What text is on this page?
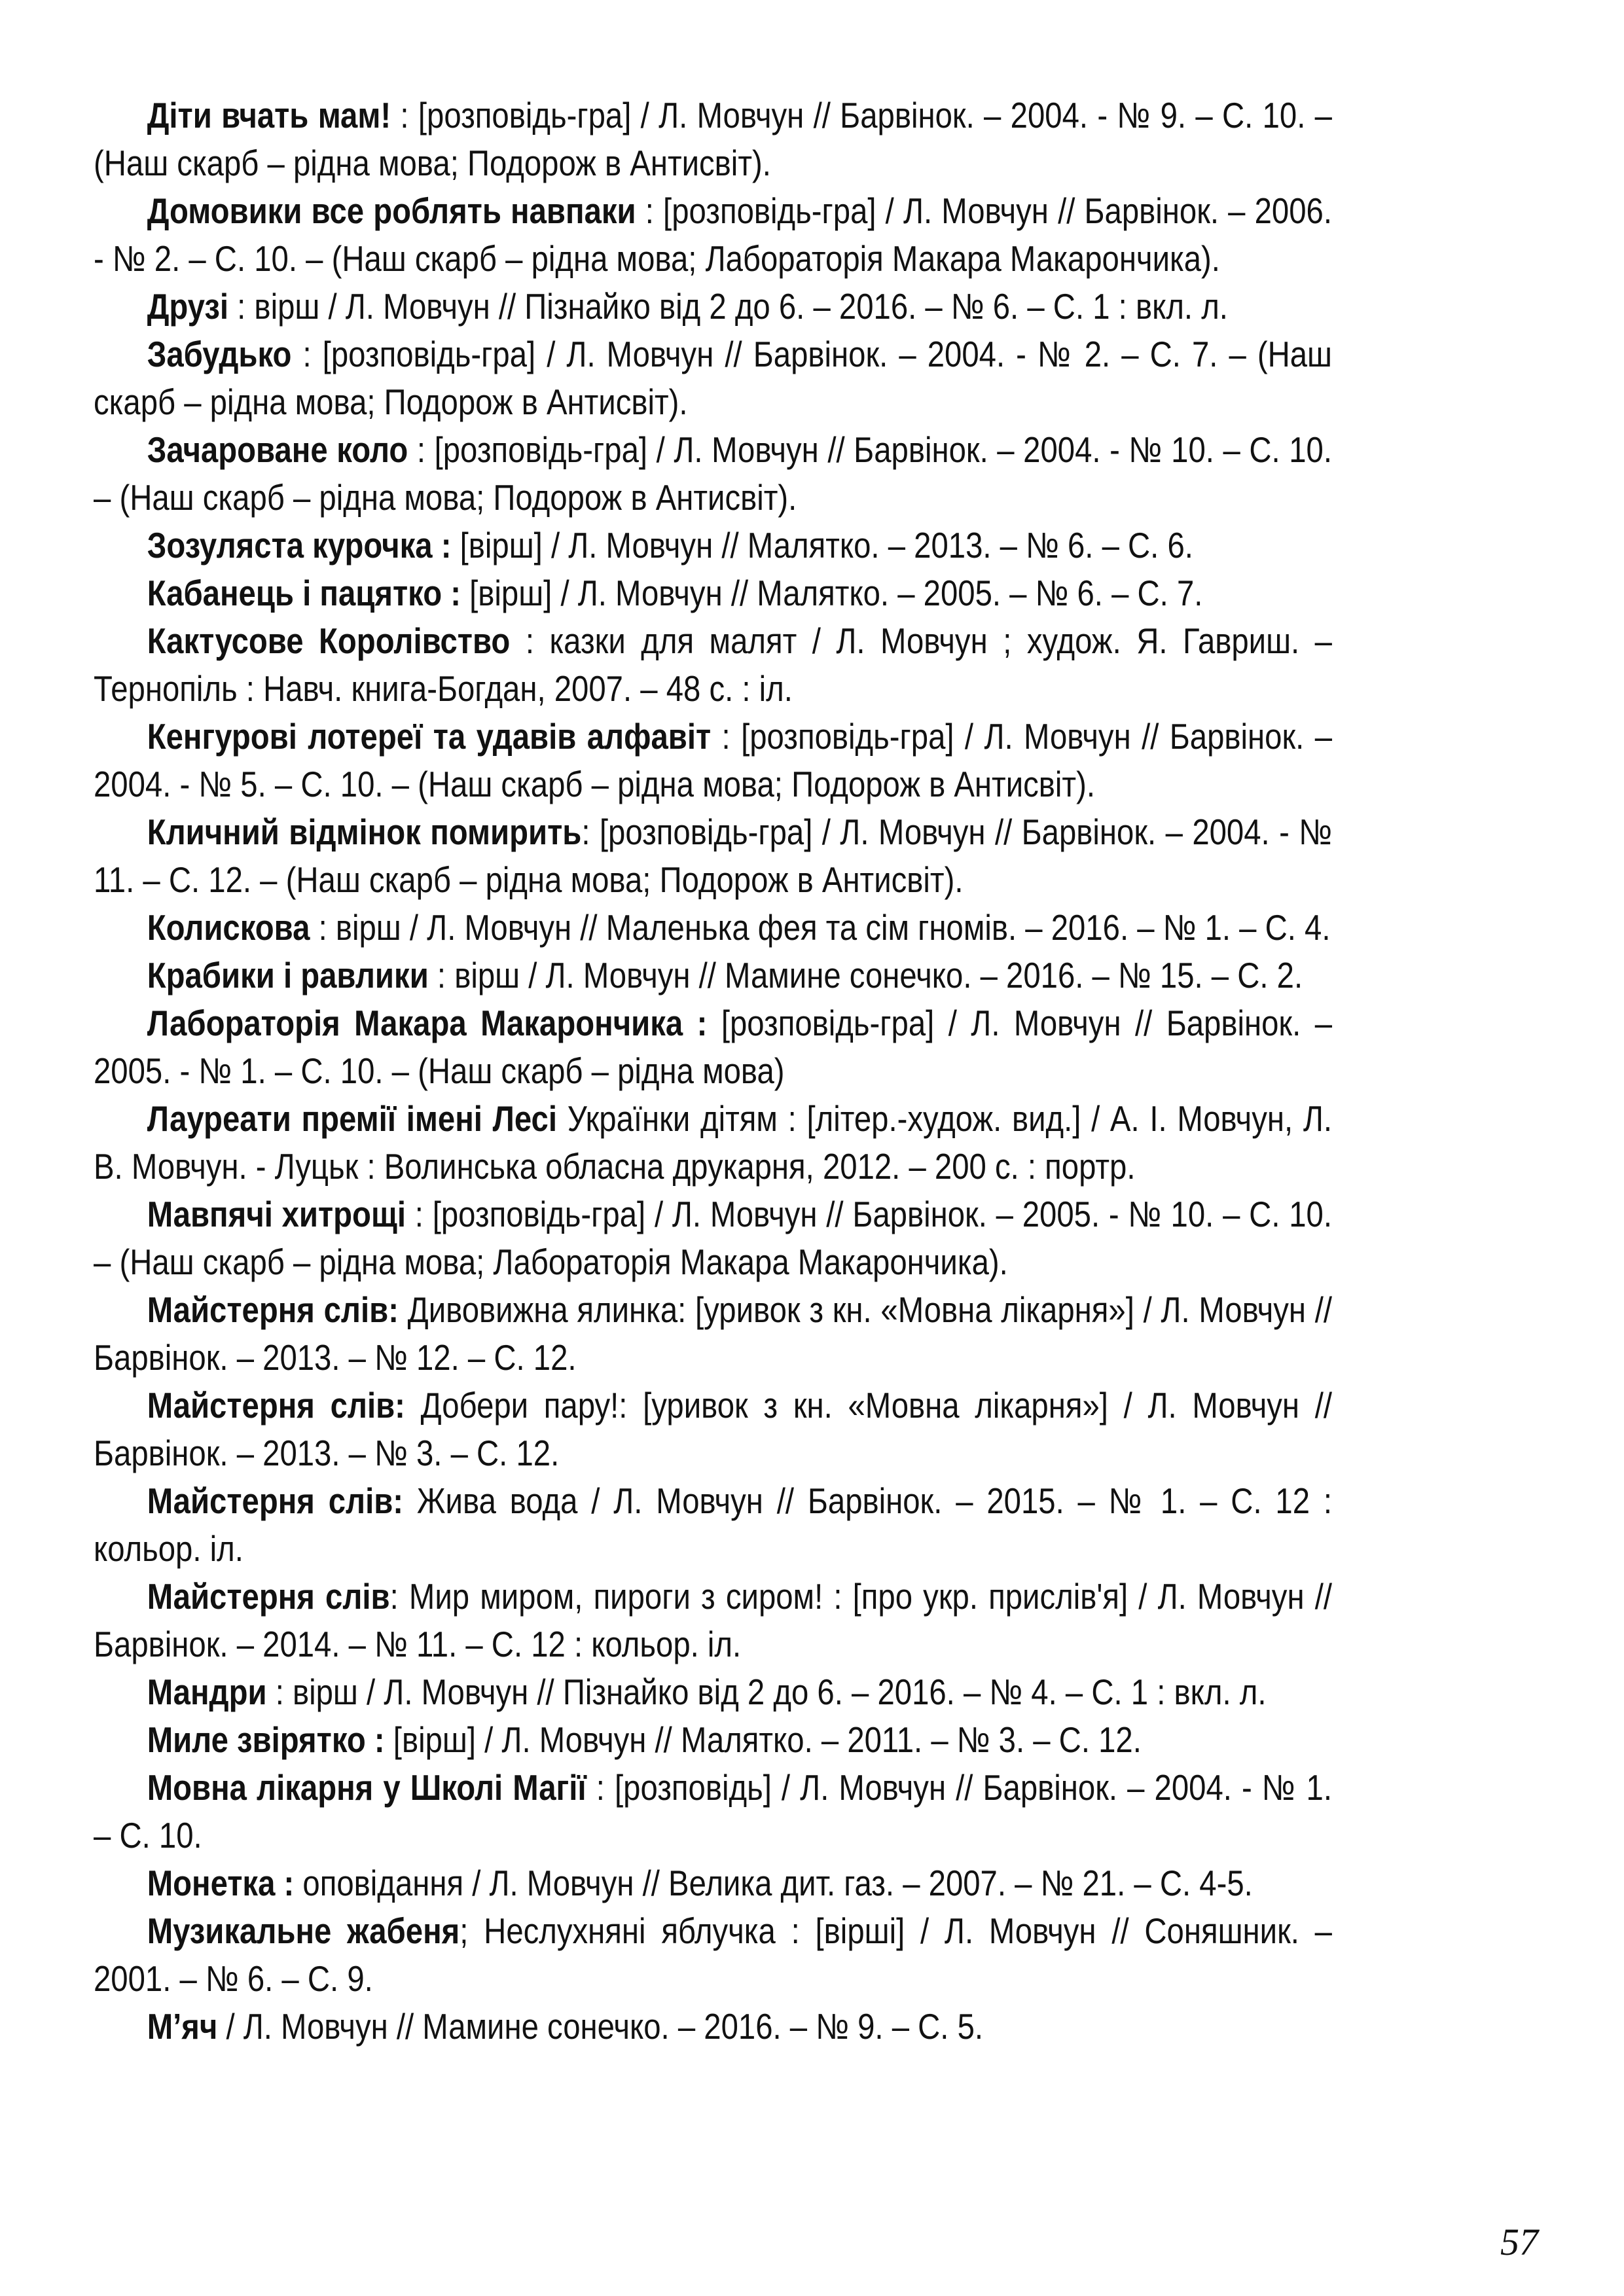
Діти вчать мам! : [розповідь-гра] / Л. Мовчун // Барвінок. – 2004. - № 9. – С. 10. – (Наш скарб – рідна мова; Подорож в Антисвіт).

Домовики все роблять навпаки : [розповідь-гра] / Л. Мовчун // Барвінок. – 2006. - № 2. – С. 10. – (Наш скарб – рідна мова; Лабораторія Макара Макарончика).

Друзі : вірш / Л. Мовчун // Пізнайко від 2 до 6. – 2016. – № 6. – С. 1 : вкл. л.

Забудько : [розповідь-гра] / Л. Мовчун // Барвінок. – 2004. - № 2. – С. 7. – (Наш скарб – рідна мова; Подорож в Антисвіт).

Зачароване коло : [розповідь-гра] / Л. Мовчун // Барвінок. – 2004. - № 10. – С. 10. – (Наш скарб – рідна мова; Подорож в Антисвіт).

Зозуляста курочка : [вірш] / Л. Мовчун // Малятко. – 2013. – № 6. – С. 6.

Кабанець і пацятко : [вірш] / Л. Мовчун // Малятко. – 2005. – № 6. – С. 7.

Кактусове Королівство : казки для малят / Л. Мовчун ; худож. Я. Гавриш. – Тернопіль : Навч. книга-Богдан, 2007. – 48 с. : іл.

Кенгурові лотереї та удавів алфавіт : [розповідь-гра] / Л. Мовчун // Барвінок. – 2004. - № 5. – С. 10. – (Наш скарб – рідна мова; Подорож в Антисвіт).

Кличний відмінок помирить: [розповідь-гра] / Л. Мовчун // Барвінок. – 2004. - № 11. – С. 12. – (Наш скарб – рідна мова; Подорож в Антисвіт).

Колискова : вірш / Л. Мовчун // Маленька фея та сім гномів. – 2016. – № 1. – С. 4.

Крабики і равлики : вірш / Л. Мовчун // Мамине сонечко. – 2016. – № 15. – С. 2.

Лабораторія Макара Макарончика : [розповідь-гра] / Л. Мовчун // Барвінок. – 2005. - № 1. – С. 10. – (Наш скарб – рідна мова)

Лауреати премії імені Лесі Українки дітям : [літер.-худож. вид.] / А. І. Мовчун, Л. В. Мовчун. - Луцьк : Волинська обласна друкарня, 2012. – 200 с. : портр.

Мавпячі хитрощі : [розповідь-гра] / Л. Мовчун // Барвінок. – 2005. - № 10. – С. 10. – (Наш скарб – рідна мова; Лабораторія Макара Макарончика).

Майстерня слів: Дивовижна ялинка: [уривок з кн. «Мовна лікарня»] / Л. Мовчун // Барвінок. – 2013. – № 12. – С. 12.

Майстерня слів: Добери пару!: [уривок з кн. «Мовна лікарня»] / Л. Мовчун // Барвінок. – 2013. – № 3. – С. 12.

Майстерня слів: Жива вода / Л. Мовчун // Барвінок. – 2015. – № 1. – С. 12 : кольор. іл.

Майстерня слів: Мир миром, пироги з сиром! : [про укр. прислів'я] / Л. Мовчун // Барвінок. – 2014. – № 11. – С. 12 : кольор. іл.

Мандри : вірш / Л. Мовчун // Пізнайко від 2 до 6. – 2016. – № 4. – С. 1 : вкл. л.

Миле звірятко : [вірш] / Л. Мовчун // Малятко. – 2011. – № 3. – С. 12.

Мовна лікарня у Школі Магії : [розповідь] / Л. Мовчун // Барвінок. – 2004. - № 1. – С. 10.

Монетка : оповідання / Л. Мовчун // Велика дит. газ. – 2007. – № 21. – С. 4-5.

Музикальне жабеня; Неслухняні яблучка : [вірші] / Л. Мовчун // Соняшник. – 2001. – № 6. – С. 9.

М’яч / Л. Мовчун // Мамине сонечко. – 2016. – № 9. – С. 5.

57
